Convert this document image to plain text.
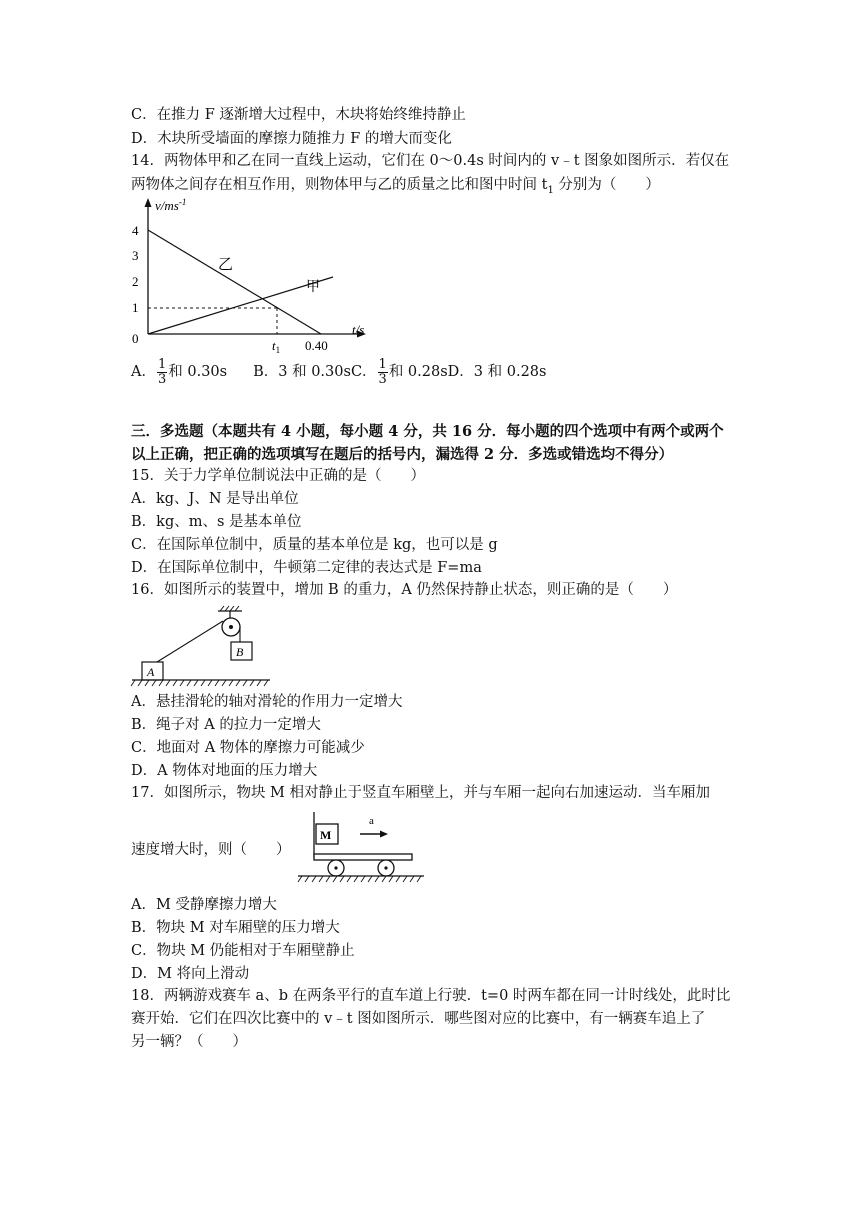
C．在推力 F 逐渐增大过程中，木块将始终维持静止
D．木块所受墙面的摩擦力随推力 F 的增大而变化
14．两物体甲和乙在同一直线上运动，它们在 0～0.4s 时间内的 v﹣t 图象如图所示．若仅在
两物体之间存在相互作用，则物体甲与乙的质量之比和图中时间 $t_1$ 分别为（　　）
$v/ms^{-1}$
t/s
4
3
2
1
0
乙
甲
$t_1$ 0.40
A． $\frac{1}{3}$ 和 0.30s B．3 和 0.30sC． $\frac{1}{3}$ 和 0.28sD．3 和 0.28s
三．多选题（本题共有 4 小题，每小题 4 分，共 16 分．每小题的四个选项中有两个或两个
以上正确，把正确的选项填写在题后的括号内，漏选得 2 分．多选或错选均不得分）
15．关于力学单位制说法中正确的是（　　）
A．kg、J、N 是导出单位
B．kg、m、s 是基本单位
C．在国际单位制中，质量的基本单位是 kg，也可以是 g
D．在国际单位制中，牛顿第二定律的表达式是 F=ma
16．如图所示的装置中，增加 B 的重力，A 仍然保持静止状态，则正确的是（　　）
B
A
A．悬挂滑轮的轴对滑轮的作用力一定增大
B．绳子对 A 的拉力一定增大
C．地面对 A 物体的摩擦力可能减少
D．A 物体对地面的压力增大
17．如图所示，物块 M 相对静止于竖直车厢壁上，并与车厢一起向右加速运动．当车厢加
速度增大时，则（　　）
M
a
A．M 受静摩擦力增大
B．物块 M 对车厢壁的压力增大
C．物块 M 仍能相对于车厢壁静止
D．M 将向上滑动
18．两辆游戏赛车 a、b 在两条平行的直车道上行驶．t=0 时两车都在同一计时线处，此时比
赛开始．它们在四次比赛中的 v﹣t 图如图所示．哪些图对应的比赛中，有一辆赛车追上了
另一辆？（　　）
